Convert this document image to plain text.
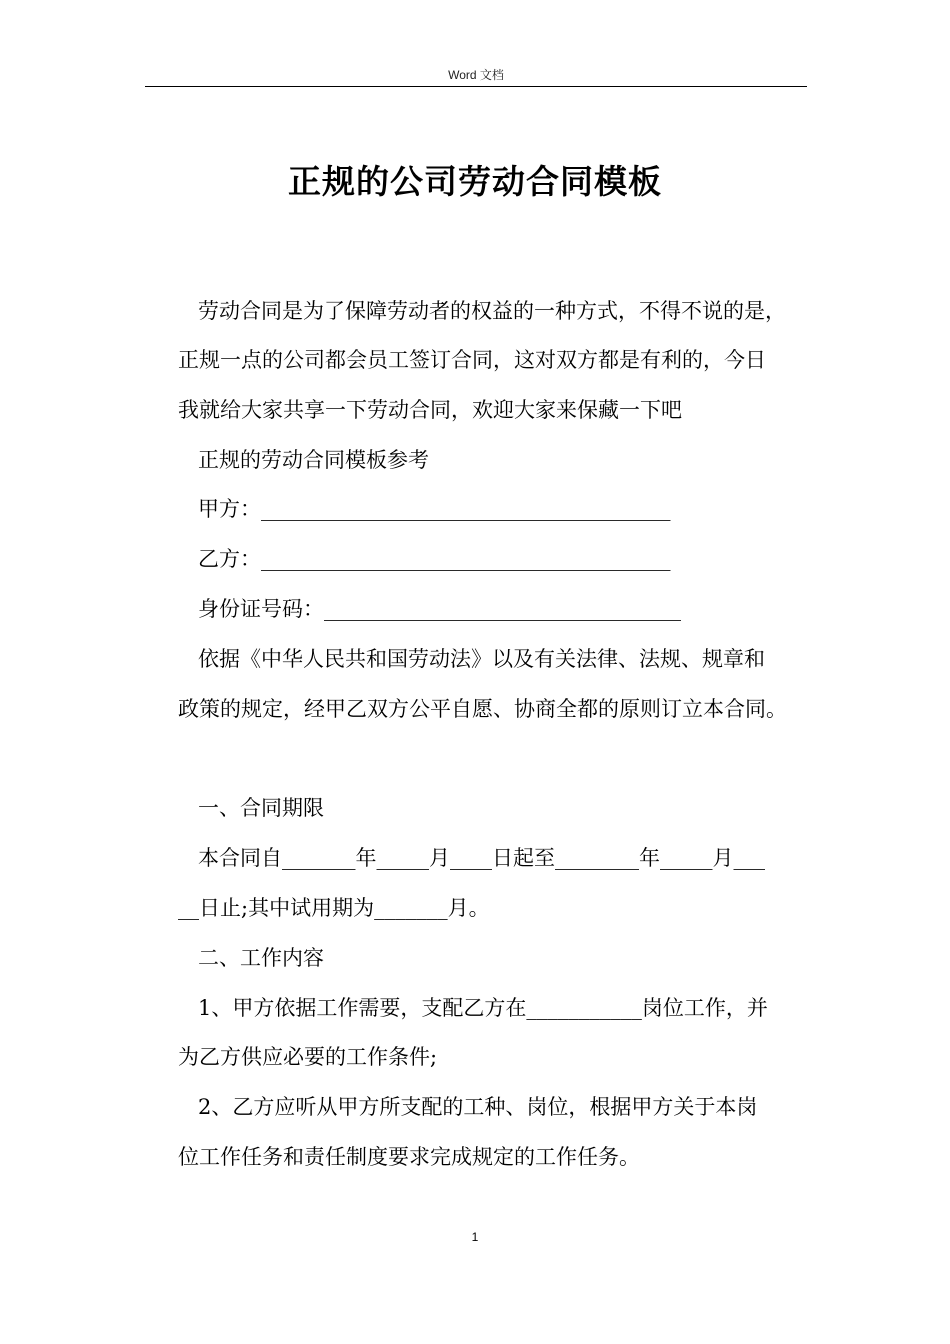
Word 文档
正规的公司劳动合同模板
劳动合同是为了保障劳动者的权益的一种方式，不得不说的是，
正规一点的公司都会员工签订合同，这对双方都是有利的，今日
我就给大家共享一下劳动合同，欢迎大家来保藏一下吧
正规的劳动合同模板参考
甲方：_______________________________________
乙方：_______________________________________
身份证号码：__________________________________
依据《中华人民共和国劳动法》以及有关法律、法规、规章和
政策的规定，经甲乙双方公平自愿、协商全都的原则订立本合同。
一、合同期限
本合同自_______年_____月____日起至________年_____月___
__日止;其中试用期为_______月。
二、工作内容
1、甲方依据工作需要，支配乙方在___________岗位工作，并
为乙方供应必要的工作条件;
2、乙方应听从甲方所支配的工种、岗位，根据甲方关于本岗
位工作任务和责任制度要求完成规定的工作任务。
1
